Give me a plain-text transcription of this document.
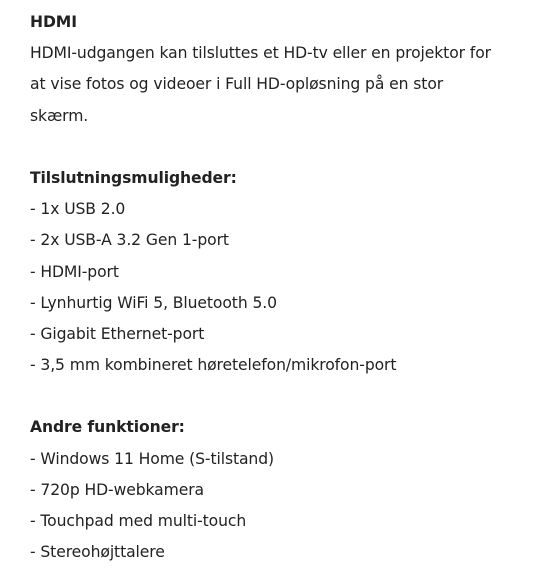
HDMI
HDMI-udgangen kan tilsluttes et HD-tv eller en projektor for
at vise fotos og videoer i Full HD-opløsning på en stor
skærm.
Tilslutningsmuligheder:
- 1x USB 2.0
- 2x USB-A 3.2 Gen 1-port
- HDMI-port
- Lynhurtig WiFi 5, Bluetooth 5.0
- Gigabit Ethernet-port
- 3,5 mm kombineret høretelefon/mikrofon-port
Andre funktioner:
- Windows 11 Home (S-tilstand)
- 720p HD-webkamera
- Touchpad med multi-touch
- Stereohøjttalere
